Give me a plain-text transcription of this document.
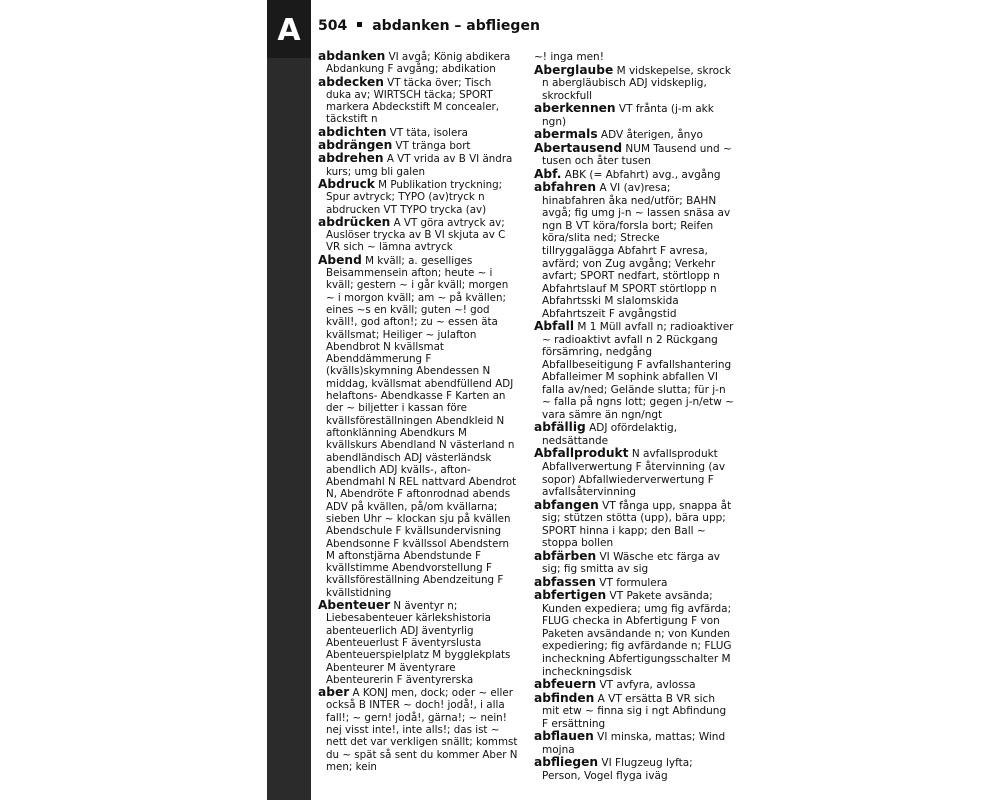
A	504 abdanken – abfliegen

abdanken VI avgå; König abdikera Abdankung F avgång; abdikation

abdecken VT täcka över; Tisch duka av; WIRTSCH täcka; SPORT markera Abdeckstift M concealer, täckstift n

abdichten VT täta, isolera

abdrängen VT tränga bort

abdrehen A VT vrida av B VI ändra kurs; umg bli galen

Abdruck M Publikation tryckning; Spur avtryck; TYPO (av)tryck n abdrucken VT TYPO trycka (av)

abdrücken A VT göra avtryck av; Auslöser trycka av B VI skjuta av C VR sich ~ lämna avtryck

Abend M kväll; a. geselliges Beisammensein afton; heute ~ i kväll; gestern ~ i går kväll; morgen ~ i morgon kväll; am ~ på kvällen; eines ~s en kväll; guten ~! god kväll!, god afton!; zu ~ essen äta kvällsmat; Heiliger ~ julafton Abendbrot N kvällsmat Abenddämmerung F (kvälls)skymning Abendessen N middag, kvällsmat abendfüllend ADJ helaftons- Abendkasse F Karten an der ~ biljetter i kassan före kvällsföreställningen Abendkleid N aftonklänning Abendkurs M kvällskurs Abendland N västerland n abendländisch ADJ västerländsk abendlich ADJ kvälls-, afton- Abendmahl N REL nattvard Abendrot N, Abendröte F aftonrodnad abends ADV på kvällen, på/om kvällarna; sieben Uhr ~ klockan sju på kvällen Abendschule F kvällsundervisning Abendsonne F kvällssol Abendstern M aftonstjärna Abendstunde F kvällstimme Abendvorstellung F kvällsföreställning Abendzeitung F kvällstidning

Abenteuer N äventyr n; Liebesabenteuer kärlekshistoria abenteuerlich ADJ äventyrlig Abenteuerlust F äventyrslusta Abenteuerspielplatz M bygglekplats Abenteurer M äventyrare Abenteurerin F äventyrerska

aber A KONJ men, dock; oder ~ eller också B INTER ~ doch! jodå!, i alla fall!; ~ gern! jodå!, gärna!; ~ nein! nej visst inte!, inte alls!; das ist ~ nett det var verkligen snällt; kommst du ~ spät så sent du kommer Aber N men; kein

~! inga men!

Aberglaube M vidskepelse, skrock n abergläubisch ADJ vidskeplig, skrockfull

aberkennen VT frånta (j-m akk ngn)

abermals ADV återigen, ånyo

Abertausend NUM Tausend und ~ tusen och åter tusen

Abf. ABK (= Abfahrt) avg., avgång

abfahren A VI (av)resa; hinabfahren åka ned/utför; BAHN avgå; fig umg j-n ~ lassen snäsa av ngn B VT köra/forsla bort; Reifen köra/slita ned; Strecke tillryggalägga Abfahrt F avresa, avfärd; von Zug avgång; Verkehr avfart; SPORT nedfart, störtlopp n Abfahrtslauf M SPORT störtlopp n Abfahrtsski M slalomskida Abfahrtszeit F avgångstid

Abfall M 1 Müll avfall n; radioaktiver ~ radioaktivt avfall n 2 Rückgang försämring, nedgång Abfallbeseitigung F avfallshantering Abfalleimer M sophink abfallen VI falla av/ned; Gelände slutta; für j-n ~ falla på ngns lott; gegen j-n/etw ~ vara sämre än ngn/ngt

abfällig ADJ ofördelaktig, nedsättande

Abfallprodukt N avfallsprodukt Abfallverwertung F återvinning (av sopor) Abfallwiederverwertung F avfallsåtervinning

abfangen VT fånga upp, snappa åt sig; stützen stötta (upp), bära upp; SPORT hinna i kapp; den Ball ~ stoppa bollen

abfärben VI Wäsche etc färga av sig; fig smitta av sig

abfassen VT formulera

abfertigen VT Pakete avsända; Kunden expediera; umg fig avfärda; FLUG checka in Abfertigung F von Paketen avsändande n; von Kunden expediering; fig avfärdande n; FLUG incheckning Abfertigungsschalter M incheckningsdisk

abfeuern VT avfyra, avlossa

abfinden A VT ersätta B VR sich mit etw ~ finna sig i ngt Abfindung F ersättning

abflauen VI minska, mattas; Wind mojna

abfliegen VI Flugzeug lyfta; Person, Vogel flyga iväg
